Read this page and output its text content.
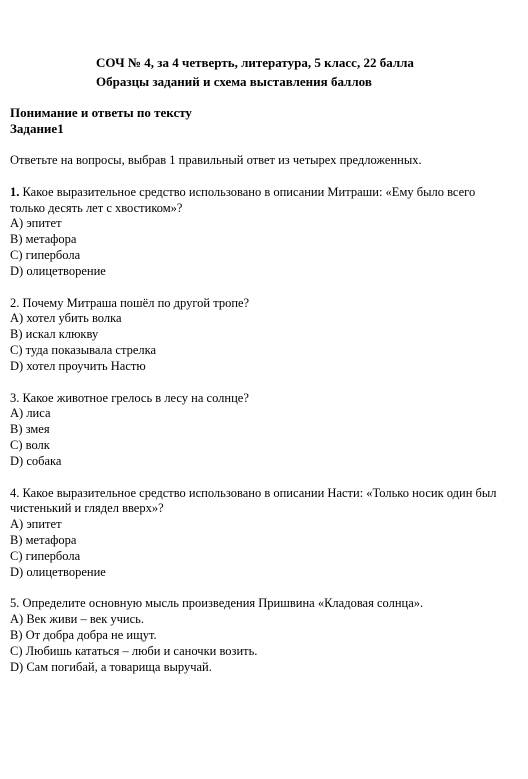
СОЧ № 4, за 4 четверть, литература, 5 класс, 22 балла
Образцы заданий и схема выставления баллов
Понимание и ответы по тексту
Задание1
Ответьте на вопросы, выбрав 1 правильный ответ из четырех предложенных.
1. Какое выразительное средство использовано в описании Митраши: «Ему было всего
только десять лет с хвостиком»?
A) эпитет
B) метафора
C) гипербола
D) олицетворение
2. Почему Митраша пошёл по другой тропе?
A) хотел убить волка
B) искал клюкву
C) туда показывала стрелка
D) хотел проучить Настю
3. Какое животное грелось в лесу на солнце?
A) лиса
B) змея
C) волк
D) собака
4. Какое выразительное средство использовано в описании Насти: «Только носик один был
чистенький и глядел вверх»?
A) эпитет
B) метафора
C) гипербола
D) олицетворение
5. Определите основную мысль произведения Пришвина «Кладовая солнца».
A) Век живи – век учись.
B) От добра добра не ищут.
C) Любишь кататься – люби и саночки возить.
D) Сам погибай, а товарища выручай.
